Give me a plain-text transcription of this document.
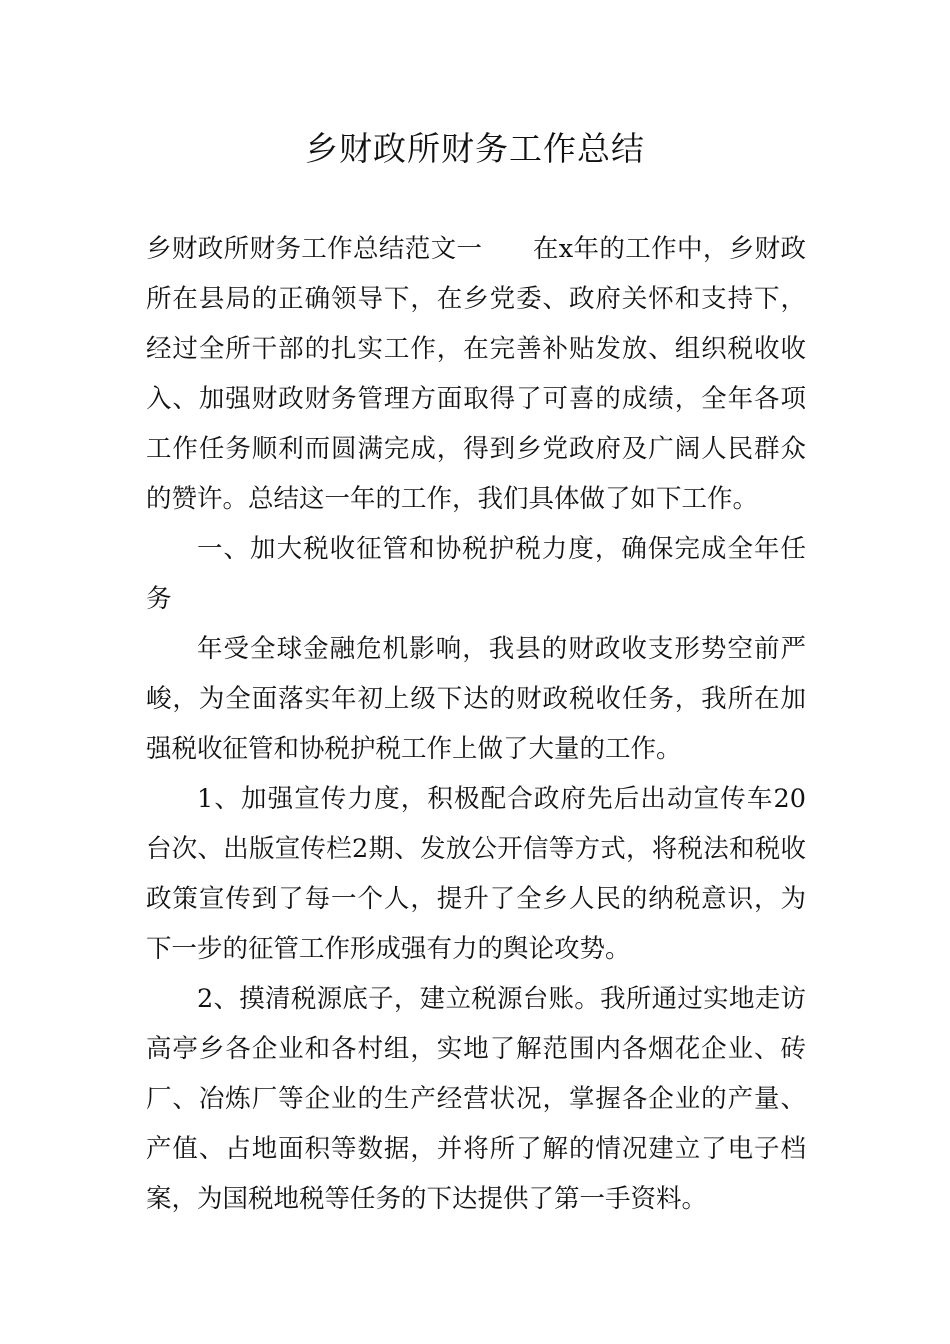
乡财政所财务工作总结

乡财政所财务工作总结范文一 在x年的工作中，乡财政所在县局的正确领导下，在乡党委、政府关怀和支持下，经过全所干部的扎实工作，在完善补贴发放、组织税收收入、加强财政财务管理方面取得了可喜的成绩，全年各项工作任务顺利而圆满完成，得到乡党政府及广阔人民群众的赞许。总结这一年的工作，我们具体做了如下工作。

一、加大税收征管和协税护税力度，确保完成全年任务

年受全球金融危机影响，我县的财政收支形势空前严峻，为全面落实年初上级下达的财政税收任务，我所在加强税收征管和协税护税工作上做了大量的工作。

1、加强宣传力度，积极配合政府先后出动宣传车20台次、出版宣传栏2期、发放公开信等方式，将税法和税收政策宣传到了每一个人，提升了全乡人民的纳税意识，为下一步的征管工作形成强有力的舆论攻势。

2、摸清税源底子，建立税源台账。我所通过实地走访高亭乡各企业和各村组，实地了解范围内各烟花企业、砖厂、冶炼厂等企业的生产经营状况，掌握各企业的产量、产值、占地面积等数据，并将所了解的情况建立了电子档案，为国税地税等任务的下达提供了第一手资料。
